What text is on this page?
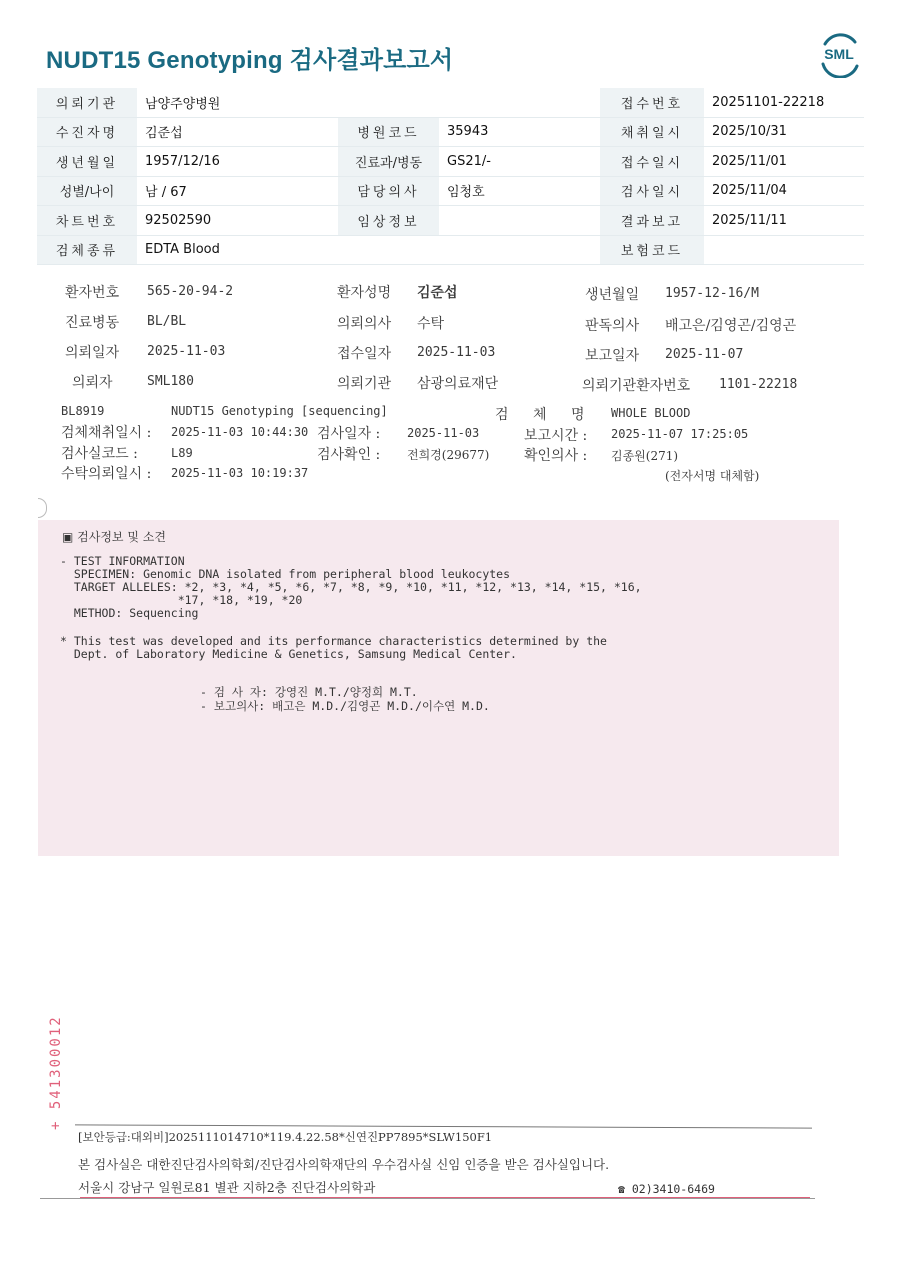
NUDT15 Genotyping 검사결과보고서	SML
의뢰기관	남양주양병원			접수번호	20251101-22218
수진자명	김준섭	병원코드	35943	채취일시	2025/10/31
생년월일	1957/12/16	진료과/병동	GS21/-	접수일시	2025/11/01
성별/나이	남 / 67	담당의사	임청호	검사일시	2025/11/04
차트번호	92502590	임상정보		결과보고	2025/11/11
검체종류	EDTA Blood			보험코드	
환자번호 565-20-94-2	환자성명 김준섭	생년월일 1957-12-16/M
진료병동 BL/BL	의뢰의사 수탁	판독의사 배고은/김영곤/김영곤
의뢰일자 2025-11-03	접수일자 2025-11-03	보고일자 2025-11-07
의뢰자	SML180	의뢰기관 삼광의료재단	의뢰기관환자번호 1101-22218
BL8919	NUDT15 Genotyping [sequencing]	검 체 명 WHOLE BLOOD
검체채취일시 : 2025-11-03 10:44:30 검사일자 : 2025-11-03	보고시간 : 2025-11-07 17:25:05
검사실코드 :	L89	검사확인 : 전희경(29677) 확인의사 : 김종원(271)
수탁의뢰일시 : 2025-11-03 10:19:37	(전자서명 대체함)
▣ 검사정보 및 소견
- TEST INFORMATION
SPECIMEN: Genomic DNA isolated from peripheral blood leukocytes
TARGET ALLELES: *2, *3, *4, *5, *6, *7, *8, *9, *10, *11, *12, *13, *14, *15, *16,
*17, *18, *19, *20
METHOD: Sequencing
* This test was developed and its performance characteristics determined by the
Dept. of Laboratory Medicine & Genetics, Samsung Medical Center.
- 검 사 자: 강영진 M.T./양정희 M.T.
- 보고의사: 배고은 M.D./김영곤 M.D./이수연 M.D.
+ 541300012
[보안등급:대외비]2025111014710*119.4.22.58*신연진PP7895*SLW150F1
본 검사실은 대한진단검사의학회/진단검사의학재단의 우수검사실 신임 인증을 받은 검사실입니다.
서울시 강남구 일원로81 별관 지하2층 진단검사의학과	☎ 02)3410-6469
